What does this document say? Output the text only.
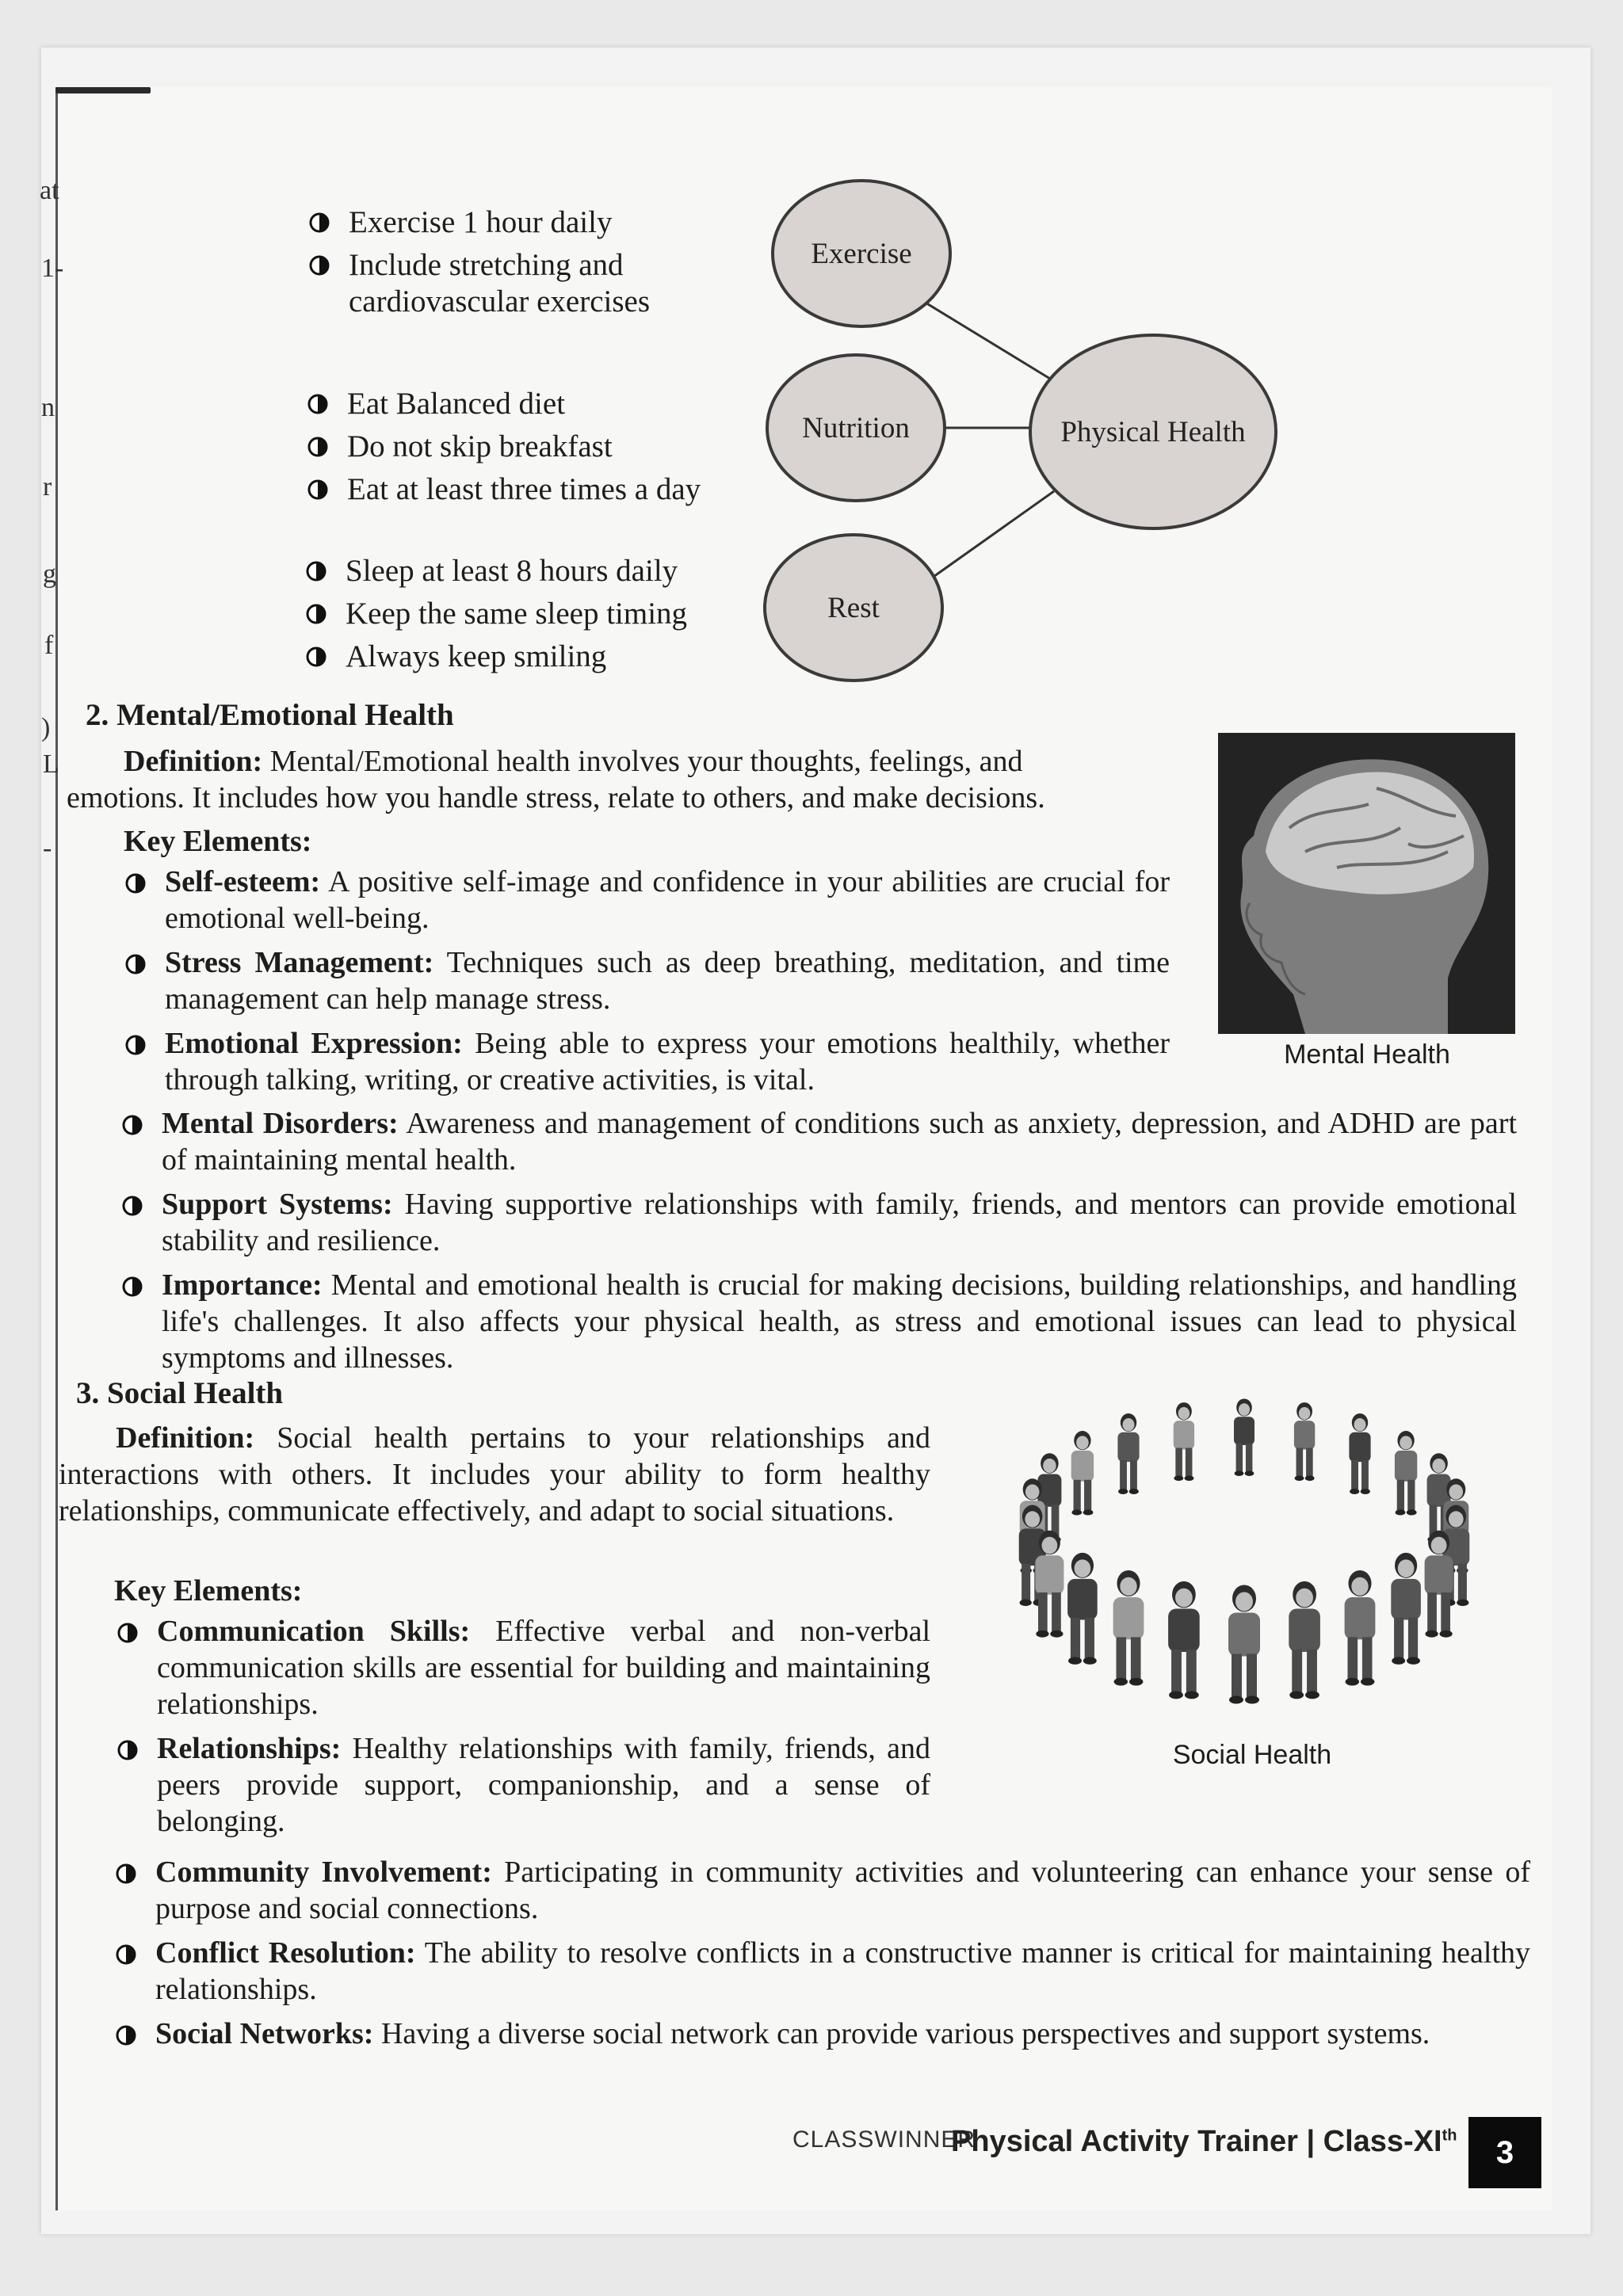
at
1-
n
r
g
f
)
L
-
Exercise 1 hour daily
Include stretching and cardiovascular exercises
Eat Balanced diet
Do not skip breakfast
Eat at least three times a day
Sleep at least 8 hours daily
Keep the same sleep timing
Always keep smiling
Exercise
Nutrition
Rest
Physical Health
2. Mental/Emotional Health
Definition: Mental/Emotional health involves your thoughts, feelings, and
emotions. It includes how you handle stress, relate to others, and make decisions.
Key Elements:
Self-esteem: A positive self-image and confidence in your abilities are crucial for emotional well-being.
Stress Management: Techniques such as deep breathing, meditation, and time management can help manage stress.
Emotional Expression: Being able to express your emotions healthily, whether through talking, writing, or creative activities, is vital.
Mental Disorders: Awareness and management of conditions such as anxiety, depression, and ADHD are part of maintaining mental health.
Support Systems: Having supportive relationships with family, friends, and mentors can provide emotional stability and resilience.
Importance: Mental and emotional health is crucial for making decisions, building relationships, and handling life's challenges. It also affects your physical health, as stress and emotional issues can lead to physical symptoms and illnesses.
Mental Health
3. Social Health
Definition: Social health pertains to your relationships and interactions with others. It includes your ability to form healthy relationships, communicate effectively, and adapt to social situations.
Key Elements:
Communication Skills: Effective verbal and non-verbal communication skills are essential for building and maintaining relationships.
Relationships: Healthy relationships with family, friends, and peers provide support, companionship, and a sense of belonging.
Community Involvement: Participating in community activities and volunteering can enhance your sense of purpose and social connections.
Conflict Resolution: The ability to resolve conflicts in a constructive manner is critical for maintaining healthy relationships.
Social Networks: Having a diverse social network can provide various perspectives and support systems.
Social Health
CLASSWINNER
Physical Activity Trainer | Class-XIth	3
